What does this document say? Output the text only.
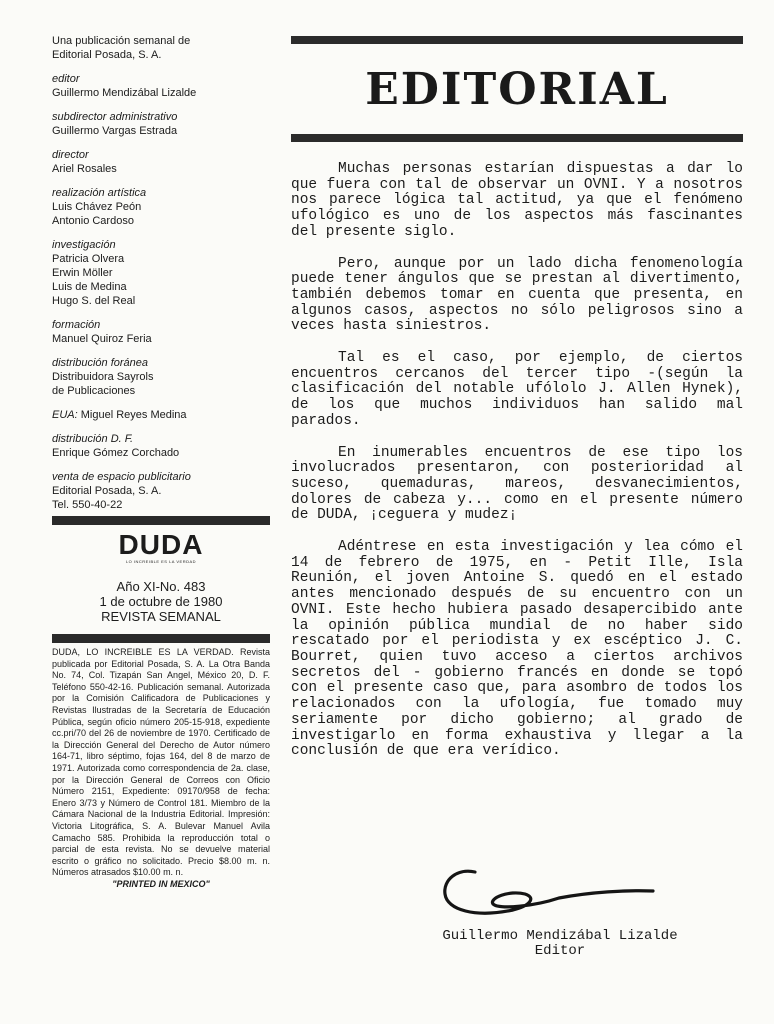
Una publicación semanal de
Editorial Posada, S. A.
editor
Guillermo Mendizábal Lizalde
subdirector administrativo
Guillermo Vargas Estrada
director
Ariel Rosales
realización artística
Luis Chávez Peón
Antonio Cardoso
investigación
Patricia Olvera
Erwin Möller
Luis de Medina
Hugo S. del Real
formación
Manuel Quiroz Feria
distribución foránea
Distribuidora Sayrols
de Publicaciones
EUA: Miguel Reyes Medina
distribución D. F.
Enrique Gómez Corchado
venta de espacio publicitario
Editorial Posada, S. A.
Tel. 550-40-22
DUDA
LO INCREIBLE ES LA VERDAD
Año XI-No. 483
1 de octubre de 1980
REVISTA SEMANAL
DUDA, LO INCREIBLE ES LA VERDAD. Revista publicada por Editorial Posada, S. A. La Otra Banda No. 74, Col. Tizapán San Angel, México 20, D. F. Teléfono 550-42-16. Publicación semanal. Autorizada por la Comisión Calificadora de Publicaciones y Revistas Ilustradas de la Secretaría de Educación Pública, según oficio número 205-15-918, expediente cc.pri/70 del 26 de noviembre de 1970. Certificado de la Dirección General del Derecho de Autor número 164-71, libro séptimo, fojas 164, del 8 de marzo de 1971. Autorizada como correspondencia de 2a. clase, por la Dirección General de Correos con Oficio Número 2151, Expediente: 09170/958 de fecha: Enero 3/73 y Número de Control 181. Miembro de la Cámara Nacional de la Industria Editorial. Impresión: Victoria Litográfica, S. A. Bulevar Manuel Avila Camacho 585. Prohibida la reproducción total o parcial de esta revista. No se devuelve material escrito o gráfico no solicitado. Precio $8.00 m. n. Números atrasados $10.00 m. n.
"PRINTED IN MEXICO"
EDITORIAL

Muchas personas estarían dispuestas a dar lo que fuera con tal de observar un OVNI. Y a nosotros nos parece lógica tal actitud, ya que el fenómeno ufológico es uno de los aspectos más fascinantes del presente siglo.

Pero, aunque por un lado dicha fenomenología puede tener ángulos que se prestan al divertimento, también debemos tomar en cuenta que presenta, en algunos casos, aspectos no sólo peligrosos sino a veces hasta siniestros.

Tal es el caso, por ejemplo, de ciertos encuentros cercanos del tercer tipo -(según la clasificación del notable ufólolo J. Allen Hynek), de los que muchos individuos han salido mal parados.

En inumerables encuentros de ese tipo los involucrados presentaron, con posterioridad al suceso, quemaduras, mareos, desvanecimientos, dolores de cabeza y... como en el presente número de DUDA, ¡ceguera y mudez¡

Adéntrese en esta investigación y lea cómo el 14 de febrero de 1975, en - Petit Ille, Isla Reunión, el joven Antoine S. quedó en el estado antes mencionado después de su encuentro con un OVNI. Este hecho hubiera pasado desapercibido ante la opinión pública mundial de no haber sido rescatado por el periodista y ex escéptico J. C. Bourret, quien tuvo acceso a ciertos archivos secretos del - gobierno francés en donde se topó con el presente caso que, para asombro de todos los relacionados con la ufología, fue tomado muy seriamente por dicho gobierno; al grado de investigarlo en forma exhaustiva y llegar a la conclusión de que era verídico.

Guillermo Mendizábal Lizalde
Editor
